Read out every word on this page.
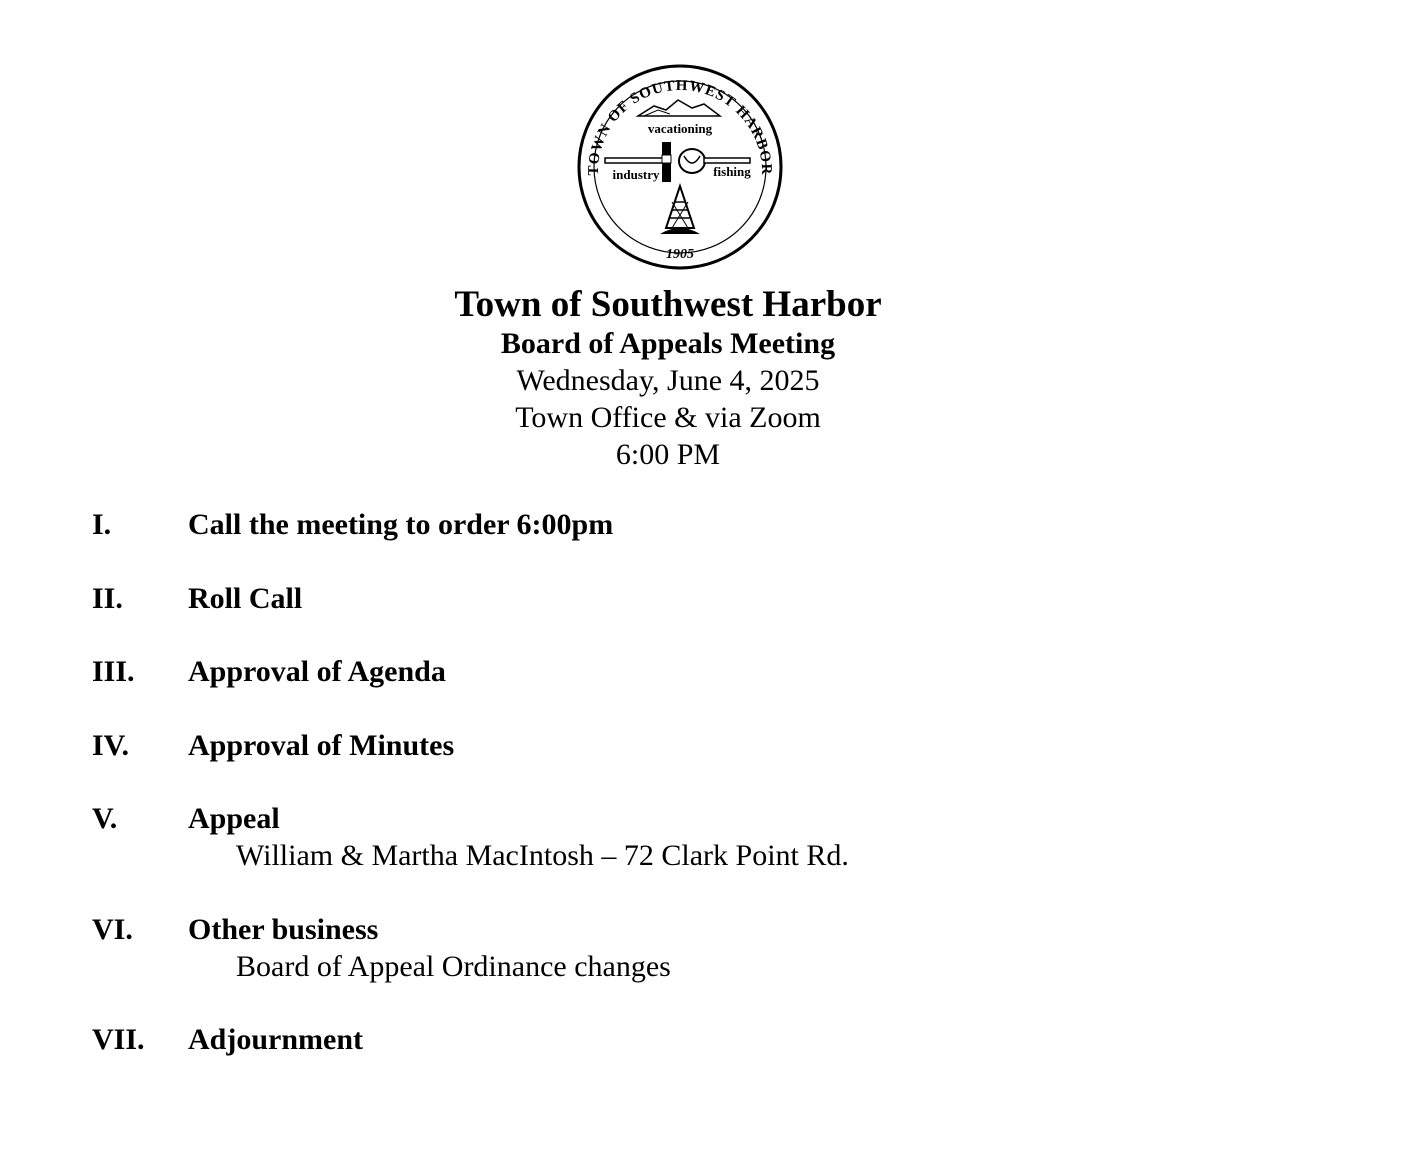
TOWN OF SOUTHWEST HARBOR
vacationing
industry	fishing
1905
Town of Southwest Harbor
Board of Appeals Meeting
Wednesday, June 4, 2025
Town Office & via Zoom
6:00 PM
I.	Call the meeting to order 6:00pm
II. Roll Call
III. Approval of Agenda
IV. Approval of Minutes
V. Appeal
William & Martha MacIntosh – 72 Clark Point Rd.
VI. Other business
Board of Appeal Ordinance changes
VII. Adjournment
